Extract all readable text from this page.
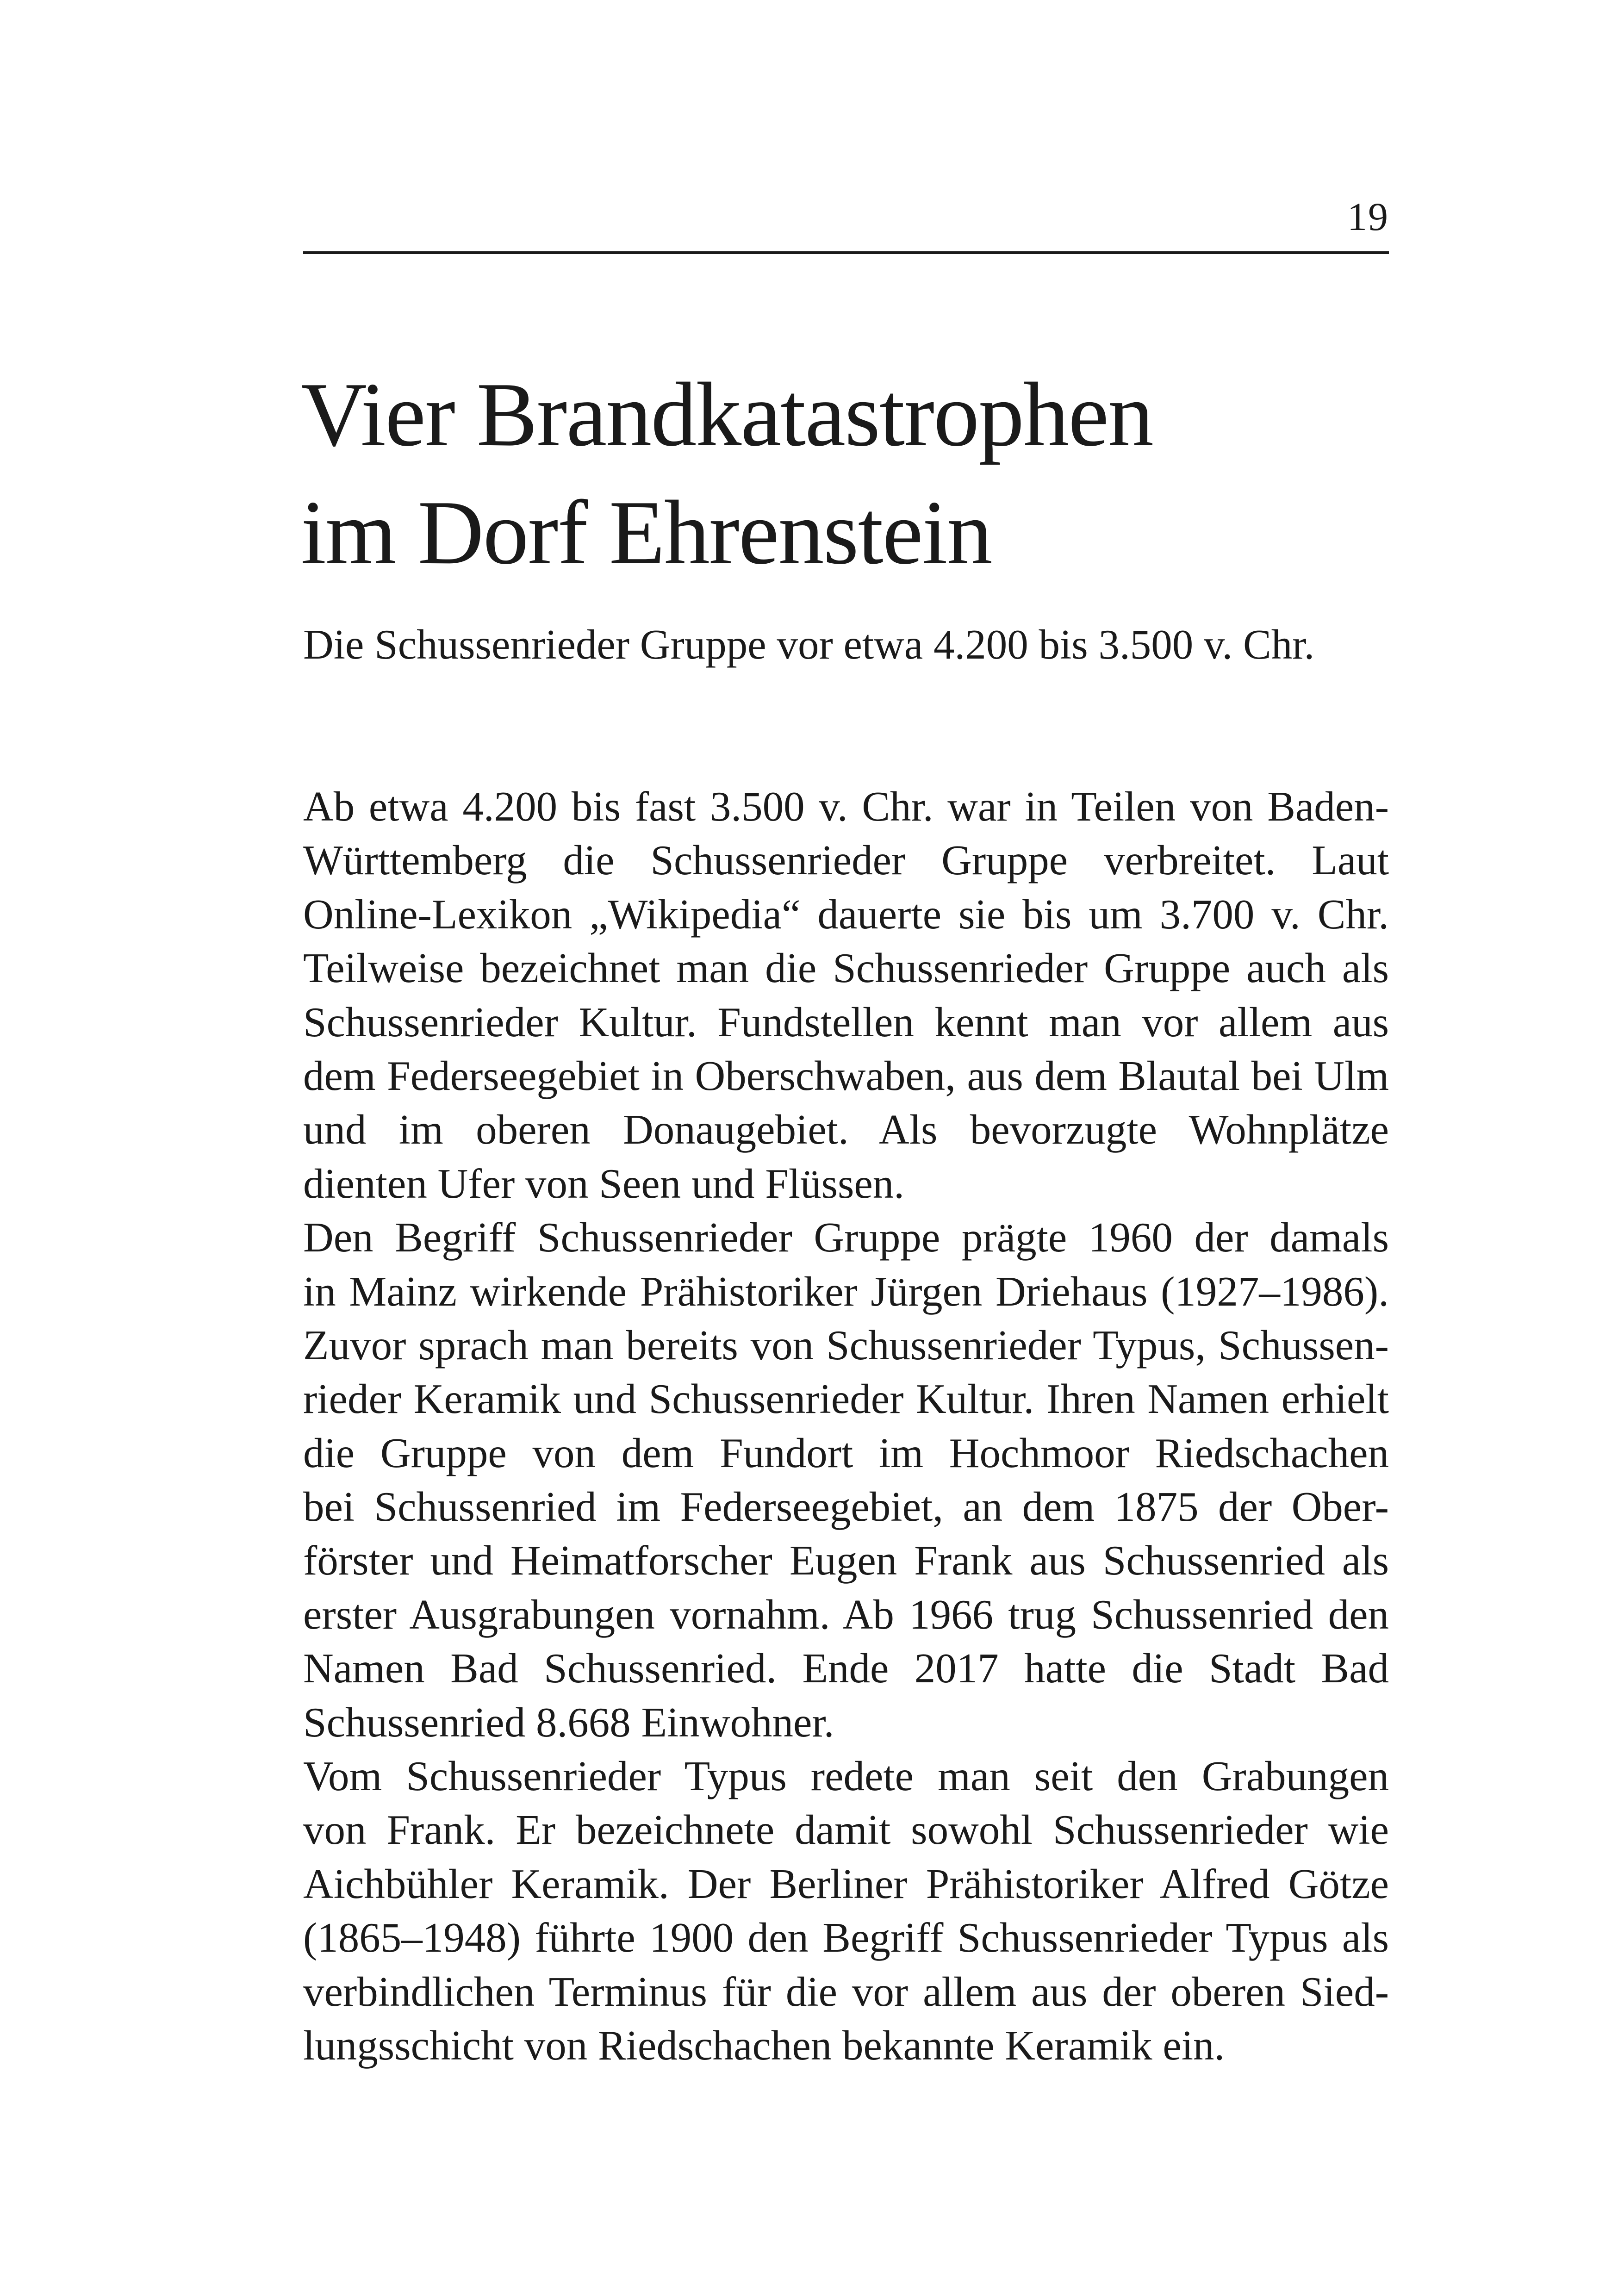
19
Vier Brandkatastrophen
im Dorf Ehrenstein

Die Schussenrieder Gruppe vor etwa 4.200 bis 3.500 v. Chr.

Ab etwa 4.200 bis fast 3.500 v. Chr. war in Teilen von Baden-
Württemberg die Schussenrieder Gruppe verbreitet. Laut
Online-Lexikon „Wikipedia“ dauerte sie bis um 3.700 v. Chr.
Teilweise bezeichnet man die Schussenrieder Gruppe auch als
Schussenrieder Kultur. Fundstellen kennt man vor allem aus
dem Federseegebiet in Oberschwaben, aus dem Blautal bei Ulm
und im oberen Donaugebiet. Als bevorzugte Wohnplätze
dienten Ufer von Seen und Flüssen.
Den Begriff Schussenrieder Gruppe prägte 1960 der damals
in Mainz wirkende Prähistoriker Jürgen Driehaus (1927–1986).
Zuvor sprach man bereits von Schussenrieder Typus, Schussen-
rieder Keramik und Schussenrieder Kultur. Ihren Namen erhielt
die Gruppe von dem Fundort im Hochmoor Riedschachen
bei Schussenried im Federseegebiet, an dem 1875 der Ober-
förster und Heimatforscher Eugen Frank aus Schussenried als
erster Ausgrabungen vornahm. Ab 1966 trug Schussenried den
Namen Bad Schussenried. Ende 2017 hatte die Stadt Bad
Schussenried 8.668 Einwohner.
Vom Schussenrieder Typus redete man seit den Grabungen
von Frank. Er bezeichnete damit sowohl Schussenrieder wie
Aichbühler Keramik. Der Berliner Prähistoriker Alfred Götze
(1865–1948) führte 1900 den Begriff Schussenrieder Typus als
verbindlichen Terminus für die vor allem aus der oberen Sied-
lungsschicht von Riedschachen bekannte Keramik ein.
